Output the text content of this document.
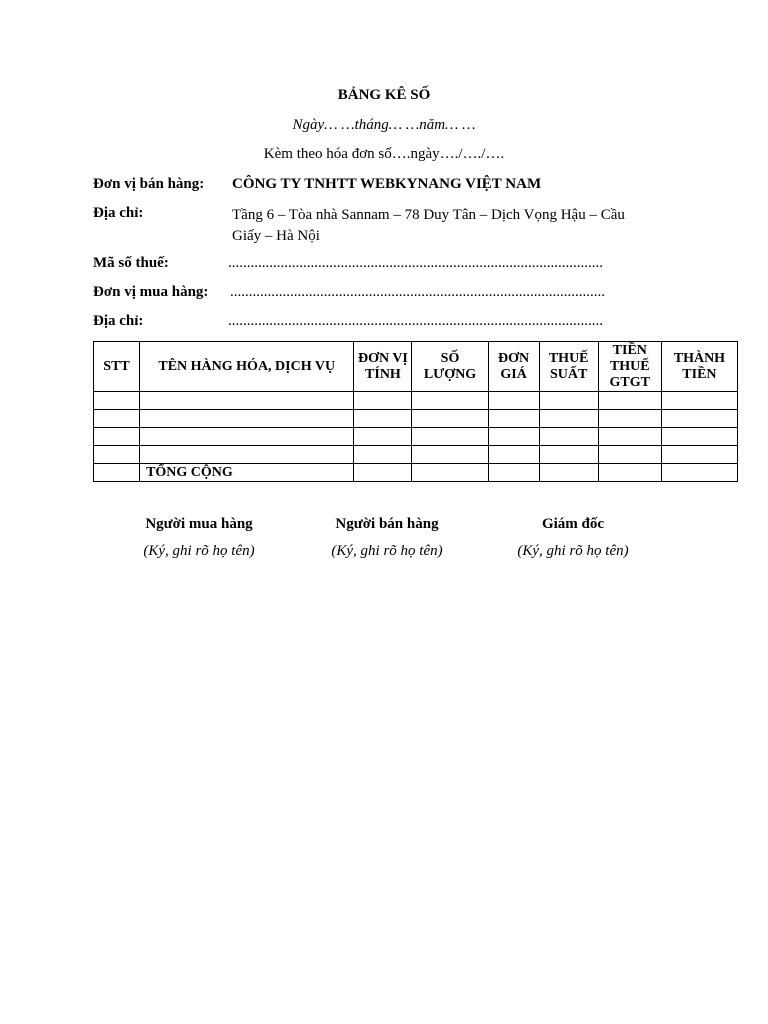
BẢNG KÊ SỐ
Ngày… …tháng… …năm… …
Kèm theo hóa đơn số….ngày…./…./….
Đơn vị bán hàng: CÔNG TY TNHTT WEBKYNANG VIỆT NAM
Địa chỉ:	Tầng 6 – Tòa nhà Sannam – 78 Duy Tân – Dịch Vọng Hậu – Cầu Giấy – Hà Nội
Mã số thuế:	....................................................................................................
Đơn vị mua hàng: ....................................................................................................
Địa chỉ:	....................................................................................................
STT	TÊN HÀNG HÓA, DỊCH VỤ	ĐƠN VỊ TÍNH	SỐ LƯỢNG	ĐƠN GIÁ	THUẾ SUẤT	TIỀN THUẾ GTGT	THÀNH TIỀN

	TỔNG CỘNG						
Người mua hàng
(Ký, ghi rõ họ tên)
Người bán hàng
(Ký, ghi rõ họ tên)
Giám đốc
(Ký, ghi rõ họ tên)
